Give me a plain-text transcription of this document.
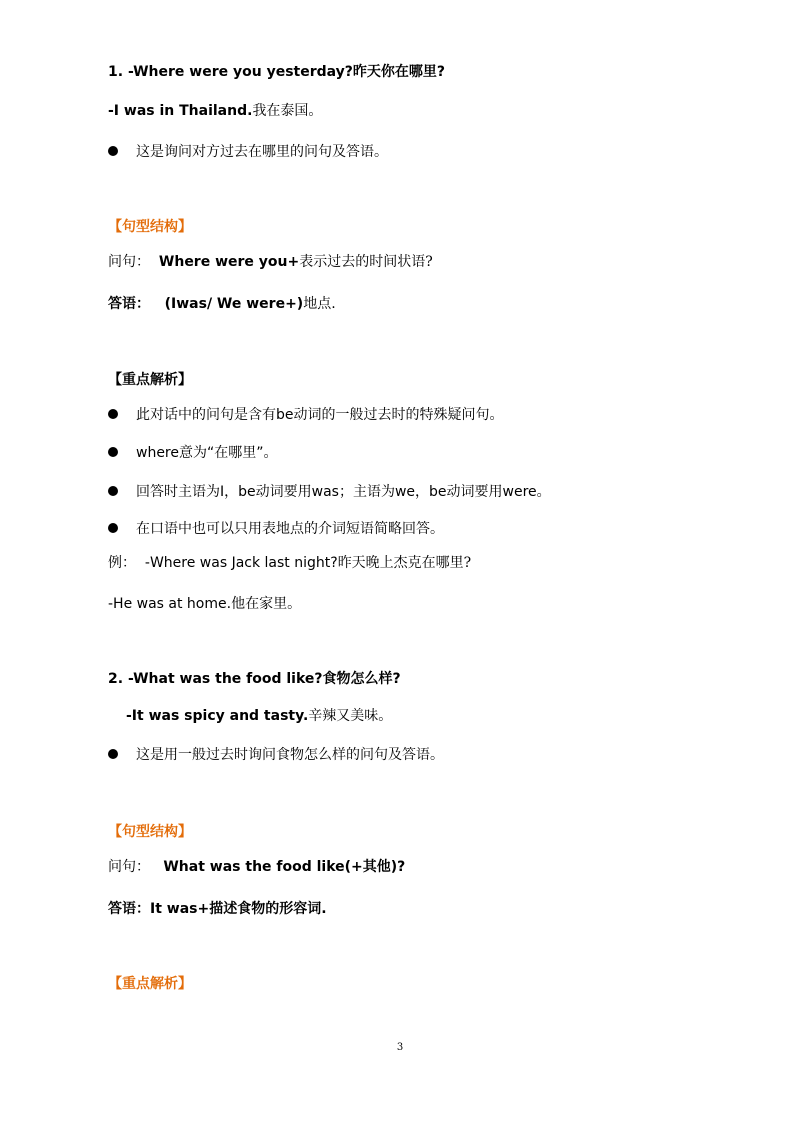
1. -Where were you yesterday?昨天你在哪里?
-I was in Thailand.我在泰国。
这是询问对方过去在哪里的问句及答语。
【句型结构】
问句： Where were you+表示过去的时间状语?
答语： (Iwas/ We were+)地点.
【重点解析】
此对话中的问句是含有be动词的一般过去时的特殊疑问句。
where意为“在哪里”。
回答时主语为I，be动词要用was；主语为we，be动词要用were。
在口语中也可以只用表地点的介词短语简略回答。
例： -Where was Jack last night?昨天晚上杰克在哪里?
-He was at home.他在家里。
2. -What was the food like?食物怎么样?
-It was spicy and tasty.辛辣又美味。
这是用一般过去时询问食物怎么样的问句及答语。
【句型结构】
问句： What was the food like(+其他)?
答语：It was+描述食物的形容词.
【重点解析】
3
